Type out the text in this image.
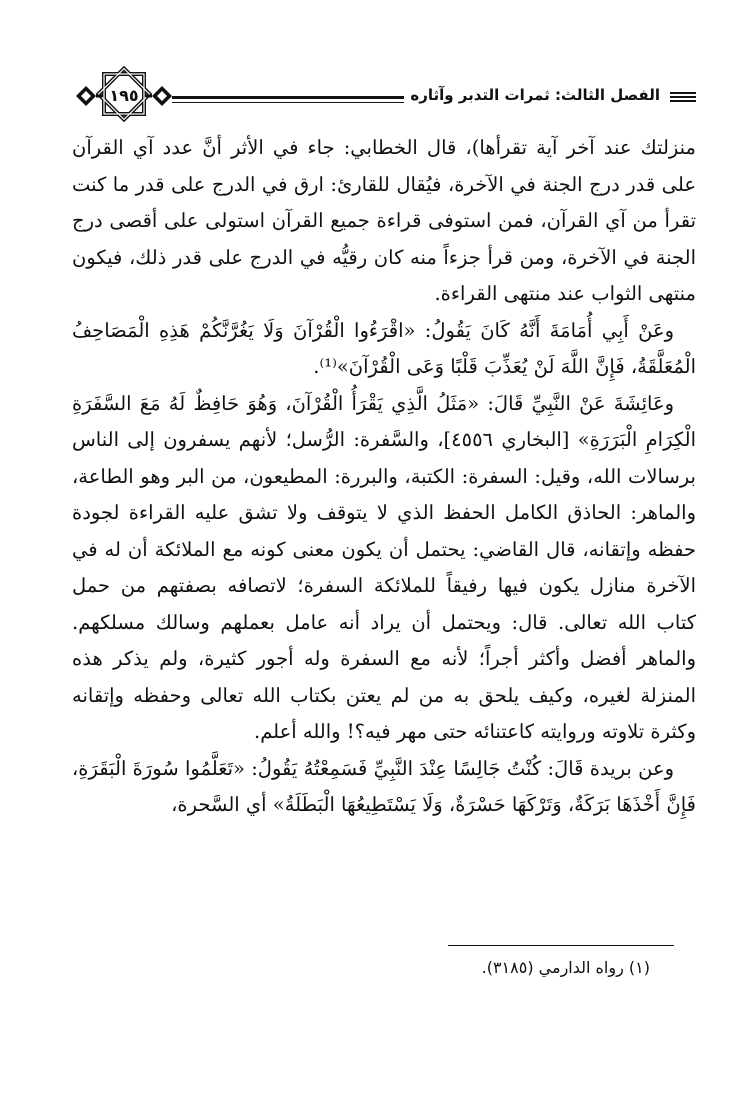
١٩٥	الفصل الثالث: ثمرات التدبر وآثاره

منزلتك عند آخر آية تقرأها)، قال الخطابي: جاء في الأثر أنَّ عدد آي القرآن على قدر درج الجنة في الآخرة، فيُقال للقارئ: ارق في الدرج على قدر ما كنت تقرأ من آي القرآن، فمن استوفى قراءة جميع القرآن استولى على أقصى درج الجنة في الآخرة، ومن قرأ جزءاً منه كان رقيُّه في الدرج على قدر ذلك، فيكون منتهى الثواب عند منتهى القراءة.

وعَنْ أَبِي أُمَامَةَ أَنَّهُ كَانَ يَقُولُ: «اقْرَءُوا الْقُرْآنَ وَلَا يَغُرَّنَّكُمْ هَذِهِ الْمَصَاحِفُ الْمُعَلَّقَةُ، فَإِنَّ اللَّهَ لَنْ يُعَذِّبَ قَلْبًا وَعَى الْقُرْآنَ»⁽¹⁾.

وعَائِشَةَ عَنْ النَّبِيِّ قَالَ: «مَثَلُ الَّذِي يَقْرَأُ الْقُرْآنَ، وَهُوَ حَافِظٌ لَهُ مَعَ السَّفَرَةِ الْكِرَامِ الْبَرَرَةِ» [البخاري ٤٥٥٦]، والسَّفرة: الرُّسل؛ لأنهم يسفرون إلى الناس برسالات الله، وقيل: السفرة: الكتبة، والبررة: المطيعون، من البر وهو الطاعة، والماهر: الحاذق الكامل الحفظ الذي لا يتوقف ولا تشق عليه القراءة لجودة حفظه وإتقانه، قال القاضي: يحتمل أن يكون معنى كونه مع الملائكة أن له في الآخرة منازل يكون فيها رفيقاً للملائكة السفرة؛ لاتصافه بصفتهم من حمل كتاب الله تعالى. قال: ويحتمل أن يراد أنه عامل بعملهم وسالك مسلكهم. والماهر أفضل وأكثر أجراً؛ لأنه مع السفرة وله أجور كثيرة، ولم يذكر هذه المنزلة لغيره، وكيف يلحق به من لم يعتن بكتاب الله تعالى وحفظه وإتقانه وكثرة تلاوته وروايته كاعتنائه حتى مهر فيه؟! والله أعلم.

وعن بريدة قَالَ: كُنْتُ جَالِسًا عِنْدَ النَّبِيِّ فَسَمِعْتُهُ يَقُولُ: «تَعَلَّمُوا سُورَةَ الْبَقَرَةِ، فَإِنَّ أَخْذَهَا بَرَكَةٌ، وَتَرْكَهَا حَسْرَةٌ، وَلَا يَسْتَطِيعُهَا الْبَطَلَةُ» أي السَّحرة،

(١) رواه الدارمي (٣١٨٥).
